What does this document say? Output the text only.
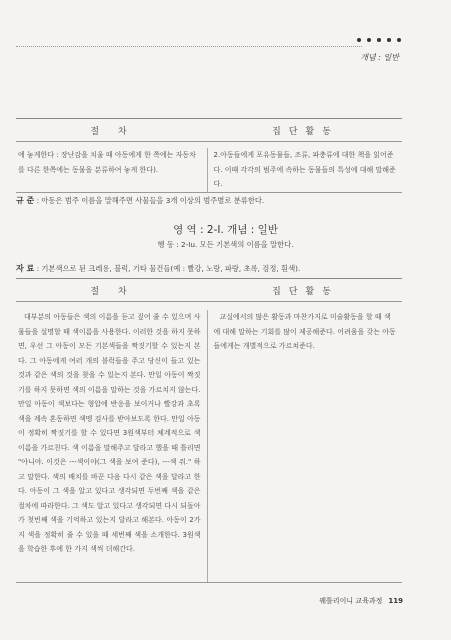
개념 : 일반
절 차	집단활동
에 놓게한다 : 장난감을 치울 때 아동에게 한 쪽에는 자동차를 다른 한쪽에는 동물을 분류하여 놓게 한다).
2.아동들에게 포유동물들, 조류, 파충류에 대한 책을 읽어준다. 이때 각각의 범주에 속하는 동물들의 특성에 대해 말해준다.
규 준 : 아동은 범주 이름을 말해주면 사물들을 3개 이상의 범주별로 분류한다.
영 역 : 2-Ⅰ. 개념 : 일반
행 동 : 2-Ⅰu. 모든 기본색의 이름을 말한다.
자 료 : 기본색으로 된 크레용, 블럭, 기타 물건들(예 : 빨강, 노랑, 파랑, 초록, 검정, 흰색).
절 차	집단활동
대부분의 아동들은 색의 이름을 듣고 짚어 줄 수 있으며 사물들을 설명할 때 색이름을 사용한다. 이러한 것을 하지 못하면, 우선 그 아동이 모든 기본색들을 짝짓기할 수 있는지 본다. 그 아동에게 여러 개의 블럭들을 주고 당신이 들고 있는 것과 같은 색의 것을 찾을 수 있는지 본다. 만일 아동이 짝짓기를 하지 못하면 색의 이름을 말하는 것을 가르치지 않는다. 만일 아동이 색보다는 형압에 반응을 보이거나 빨강과 초록색을 계속 혼동하면 색맹 검사를 받아보도록 한다. 만일 아동이 정확히 짝짓기를 할 수 있다면 3원색부터 체계적으로 색 이름을 가르친다. 색 이름을 말해주고 달라고 했을 때 틀리면 "아니야. 이것은 ---색이야(그 색을 보여 준다), ---색 줘." 하고 말한다. 색의 배치를 바꾼 다음 다시 같은 색을 달라고 한다. 아동이 그 색을 알고 있다고 생각되면 두번째 색을 같은 절차에 따라한다. 그 색도 알고 있다고 생각되면 다시 되돌아가 첫번째 색을 기억하고 있는지 달라고 해본다. 아동이 2가지 색을 정확히 줄 수 있을 때 세번째 색을 소개한다. 3원색을 학습한 후에 한 가지 색씩 더해간다.
교실에서의 많은 활동과 마찬가지로 미술활동을 할 때 색에 대해 말하는 기회를 많이 제공해준다. 어려움을 갖는 아동들에게는 개별적으로 가르쳐준다.
꿰틀리이니 교육과정 119
